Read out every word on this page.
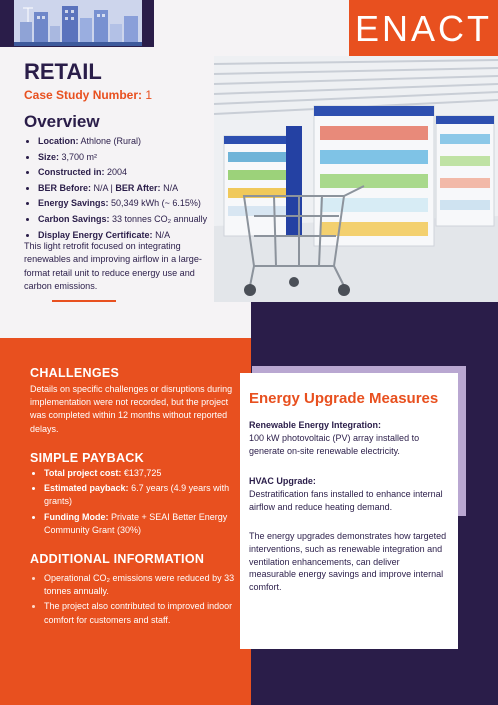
ENACT
RETAIL
Case Study Number: 1
Overview
• Location: Athlone (Rural)
• Size: 3,700 m²
• Constructed in: 2004
• BER Before: N/A | BER After: N/A
• Energy Savings: 50,349 kWh (~ 6.15%)
• Carbon Savings: 33 tonnes CO₂ annually
• Display Energy Certificate: N/A
This light retrofit focused on integrating renewables and improving airflow in a large-format retail unit to reduce energy use and carbon emissions.
CHALLENGES
Details on specific challenges or disruptions during implementation were not recorded, but the project was completed within 12 months without reported delays.
SIMPLE PAYBACK
• Total project cost: €137,725
• Estimated payback: 6.7 years (4.9 years with grants)
• Funding Mode: Private + SEAI Better Energy Community Grant (30%)
ADDITIONAL INFORMATION
• Operational CO₂ emissions were reduced by 33 tonnes annually.
• The project also contributed to improved indoor comfort for customers and staff.
Energy Upgrade Measures
Renewable Energy Integration:
100 kW photovoltaic (PV) array installed to generate on-site renewable electricity.
HVAC Upgrade:
Destratification fans installed to enhance internal airflow and reduce heating demand.
The energy upgrades demonstrates how targeted interventions, such as renewable integration and ventilation enhancements, can deliver measurable energy savings and improve internal comfort.
